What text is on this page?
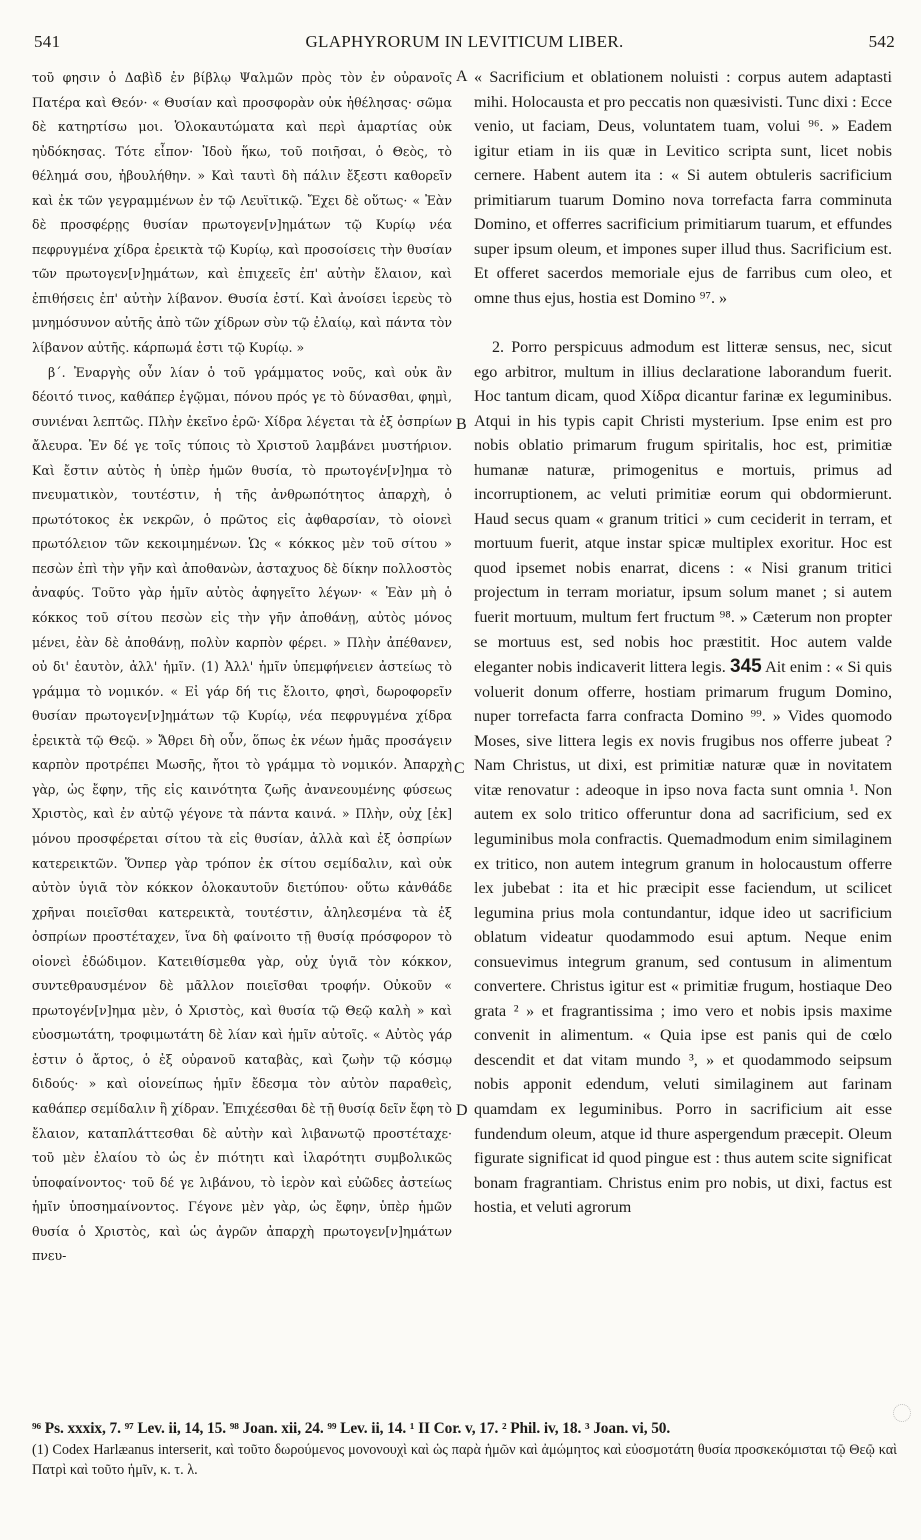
541	GLAPHYRORUM IN LEVITICUM LIBER.	542

τοῦ φησιν ὁ Δαβὶδ ἐν βίβλῳ Ψαλμῶν πρὸς τὸν ἐν οὐρανοῖς Πατέρα καὶ Θεόν· « Θυσίαν καὶ προσφορὰν οὐκ ἠθέλησας· σῶμα δὲ κατηρτίσω μοι. Ὁλοκαυτώματα καὶ περὶ ἁμαρτίας οὐκ ηὐδόκησας. Τότε εἶπον· Ἰδοὺ ἥκω, τοῦ ποιῆσαι, ὁ Θεὸς, τὸ θέλημά σου, ἠβουλήθην. » Καὶ ταυτὶ δὴ πάλιν ἔξεστι καθορεῖν καὶ ἐκ τῶν γεγραμμένων ἐν τῷ Λευϊτικῷ. Ἔχει δὲ οὕτως· « Ἐὰν δὲ προσφέρῃς θυσίαν πρωτογεν[ν]ημάτων τῷ Κυρίῳ νέα πεφρυγμένα χίδρα ἐρεικτὰ τῷ Κυρίῳ, καὶ προσοίσεις τὴν θυσίαν τῶν πρωτογεν[ν]ημάτων, καὶ ἐπιχεεῖς ἐπ' αὐτὴν ἔλαιον, καὶ ἐπιθήσεις ἐπ' αὐτὴν λίβανον. Θυσία ἐστί. Καὶ ἀνοίσει ἱερεὺς τὸ μνημόσυνον αὐτῆς ἀπὸ τῶν χίδρων σὺν τῷ ἐλαίῳ, καὶ πάντα τὸν λίβανον αὐτῆς. κάρπωμά ἐστι τῷ Κυρίῳ. »

β΄. Ἐναργὴς οὖν λίαν ὁ τοῦ γράμματος νοῦς, καὶ οὐκ ἂν δέοιτό τινος, καθάπερ ἐγῷμαι, πόνου πρός γε τὸ δύνασθαι, φημὶ, συνιέναι λεπτῶς. Πλὴν ἐκεῖνο ἐρῶ· Χίδρα λέγεται τὰ ἐξ ὀσπρίων ἄλευρα. Ἐν δέ γε τοῖς τύποις τὸ Χριστοῦ λαμβάνει μυστήριον. Καὶ ἔστιν αὐτὸς ἡ ὑπὲρ ἡμῶν θυσία, τὸ πρωτογέν[ν]ημα τὸ πνευματικὸν, τουτέστιν, ἡ τῆς ἀνθρωπότητος ἀπαρχὴ, ὁ πρωτότοκος ἐκ νεκρῶν, ὁ πρῶτος εἰς ἀφθαρσίαν, τὸ οἱονεὶ πρωτόλειον τῶν κεκοιμημένων. Ὡς « κόκκος μὲν τοῦ σίτου » πεσὼν ἐπὶ τὴν γῆν καὶ ἀποθανὼν, ἀσταχυος δὲ δίκην πολλοστὸς ἀναφύς. Τοῦτο γὰρ ἡμῖν αὐτὸς ἀφηγεῖτο λέγων· « Ἐὰν μὴ ὁ κόκκος τοῦ σίτου πεσὼν εἰς τὴν γῆν ἀποθάνῃ, αὐτὸς μόνος μένει, ἐὰν δὲ ἀποθάνῃ, πολὺν καρπὸν φέρει. » Πλὴν ἀπέθανεν, οὐ δι' ἑαυτὸν, ἀλλ' ἡμῖν. (1) Ἀλλ' ἡμῖν ὑπεμφήνειεν ἀστείως τὸ γράμμα τὸ νομικόν. « Εἰ γάρ δή τις ἔλοιτο, φησὶ, δωροφορεῖν θυσίαν πρωτογεν[ν]ημάτων τῷ Κυρίῳ, νέα πεφρυγμένα χίδρα ἐρεικτὰ τῷ Θεῷ. » Ἄθρει δὴ οὖν, ὅπως ἐκ νέων ἡμᾶς προσάγειν καρπὸν προτρέπει Μωσῆς, ἤτοι τὸ γράμμα τὸ νομικόν. Ἀπαρχὴ γὰρ, ὡς ἔφην, τῆς εἰς καινότητα ζωῆς ἀνανεουμένης φύσεως Χριστὸς, καὶ ἐν αὐτῷ γέγονε τὰ πάντα καινά. » Πλὴν, οὐχ [ἐκ] μόνου προσφέρεται σίτου τὰ εἰς θυσίαν, ἀλλὰ καὶ ἐξ ὀσπρίων κατερεικτῶν. Ὅνπερ γὰρ τρόπον ἐκ σίτου σεμίδαλιν, καὶ οὐκ αὐτὸν ὑγιᾶ τὸν κόκκον ὁλοκαυτοῦν διετύπου· οὕτω κἀνθάδε χρῆναι ποιεῖσθαι κατερεικτὰ, τουτέστιν, ἀληλεσμένα τὰ ἐξ ὀσπρίων προστέταχεν, ἵνα δὴ φαίνοιτο τῇ θυσίᾳ πρόσφορον τὸ οἱονεὶ ἐδώδιμον. Κατειθίσμεθα γὰρ, οὐχ ὑγιᾶ τὸν κόκκον, συντεθραυσμένον δὲ μᾶλλον ποιεῖσθαι τροφήν. Οὐκοῦν « πρωτογέν[ν]ημα μὲν, ὁ Χριστὸς, καὶ θυσία τῷ Θεῷ καλὴ » καὶ εὐοσμωτάτη, τροφιμωτάτη δὲ λίαν καὶ ἡμῖν αὐτοῖς. « Αὐτὸς γάρ ἐστιν ὁ ἄρτος, ὁ ἐξ οὐρανοῦ καταβὰς, καὶ ζωὴν τῷ κόσμῳ διδούς· » καὶ οἱονείπως ἡμῖν ἔδεσμα τὸν αὐτὸν παραθεὶς, καθάπερ σεμίδαλιν ἢ χίδραν. Ἐπιχέεσθαι δὲ τῇ θυσίᾳ δεῖν ἔφη τὸ ἔλαιον, καταπλάττεσθαι δὲ αὐτὴν καὶ λιβανωτῷ προστέταχε· τοῦ μὲν ἐλαίου τὸ ὡς ἐν πιότητι καὶ ἱλαρότητι συμβολικῶς ὑποφαίνοντος· τοῦ δέ γε λιβάνου, τὸ ἱερὸν καὶ εὐῶδες ἀστείως ἡμῖν ὑποσημαίνοντος. Γέγονε μὲν γὰρ, ὡς ἔφην, ὑπὲρ ἡμῶν θυσία ὁ Χριστὸς, καὶ ὡς ἀγρῶν ἀπαρχὴ πρωτογεν[ν]ημάτων πνευ-

A
B
C
D

« Sacrificium et oblationem noluisti : corpus autem adaptasti mihi. Holocausta et pro peccatis non quæsivisti. Tunc dixi : Ecce venio, ut faciam, Deus, voluntatem tuam, volui ⁹⁶. » Eadem igitur etiam in iis quæ in Levitico scripta sunt, licet nobis cernere. Habent autem ita : « Si autem obtuleris sacrificium primitiarum tuarum Domino nova torrefacta farra comminuta Domino, et offerres sacrificium primitiarum tuarum, et effundes super ipsum oleum, et impones super illud thus. Sacrificium est. Et offeret sacerdos memoriale ejus de farribus cum oleo, et omne thus ejus, hostia est Domino ⁹⁷. »

2. Porro perspicuus admodum est litteræ sensus, nec, sicut ego arbitror, multum in illius declaratione laborandum fuerit. Hoc tantum dicam, quod Χίδρα dicantur farinæ ex leguminibus. Atqui in his typis capit Christi mysterium. Ipse enim est pro nobis oblatio primarum frugum spiritalis, hoc est, primitiæ humanæ naturæ, primogenitus e mortuis, primus ad incorruptionem, ac veluti primitiæ eorum qui obdormierunt. Haud secus quam « granum tritici » cum ceciderit in terram, et mortuum fuerit, atque instar spicæ multiplex exoritur. Hoc est quod ipsemet nobis enarrat, dicens : « Nisi granum tritici projectum in terram moriatur, ipsum solum manet ; si autem fuerit mortuum, multum fert fructum ⁹⁸. » Cæterum non propter se mortuus est, sed nobis hoc præstitit. Hoc autem valde eleganter nobis indicaverit littera legis. 345 Ait enim : « Si quis voluerit donum offerre, hostiam primarum frugum Domino, nuper torrefacta farra confracta Domino ⁹⁹. » Vides quomodo Moses, sive littera legis ex novis frugibus nos offerre jubeat ? Nam Christus, ut dixi, est primitiæ naturæ quæ in novitatem vitæ renovatur : adeoque in ipso nova facta sunt omnia ¹. Non autem ex solo tritico offeruntur dona ad sacrificium, sed ex leguminibus mola confractis. Quemadmodum enim similaginem ex tritico, non autem integrum granum in holocaustum offerre lex jubebat : ita et hic præcipit esse faciendum, ut scilicet legumina prius mola contundantur, idque ideo ut sacrificium oblatum videatur quodammodo esui aptum. Neque enim consuevimus integrum granum, sed contusum in alimentum convertere. Christus igitur est « primitiæ frugum, hostiaque Deo grata ² » et fragrantissima ; imo vero et nobis ipsis maxime convenit in alimentum. « Quia ipse est panis qui de cœlo descendit et dat vitam mundo ³, » et quodammodo seipsum nobis apponit edendum, veluti similaginem aut farinam quamdam ex leguminibus. Porro in sacrificium ait esse fundendum oleum, atque id thure aspergendum præcepit. Oleum figurate significat id quod pingue est : thus autem scite significat bonam fragrantiam. Christus enim pro nobis, ut dixi, factus est hostia, et veluti agrorum

⁹⁶ Ps. xxxix, 7. ⁹⁷ Lev. ii, 14, 15. ⁹⁸ Joan. xii, 24. ⁹⁹ Lev. ii, 14. ¹ II Cor. v, 17. ² Phil. iv, 18. ³ Joan. vi, 50.
(1) Codex Harlæanus interserit, καὶ τοῦτο δωρούμενος μονονουχὶ καὶ ὡς παρὰ ἡμῶν καὶ ἀμώμητος καὶ εὐοσμοτάτη θυσία προσκεκόμισται τῷ Θεῷ καὶ Πατρὶ καὶ τοῦτο ἡμῖν, κ. τ. λ.
